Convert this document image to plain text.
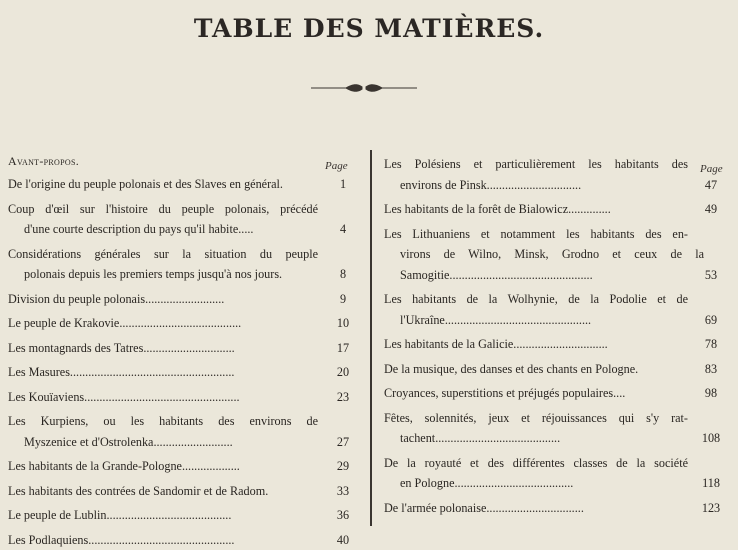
TABLE DES MATIÈRES.
Avant-propos.	Page
De l'origine du peuple polonais et des Slaves en général.	1
Coup d'œil sur l'histoire du peuple polonais, précédé
d'une courte description du pays qu'il habite.....	4
Considérations générales sur la situation du peuple
polonais depuis les premiers temps jusqu'à nos jours.	8
Division du peuple polonais..........................	9
Le peuple de Krakovie........................................	10
Les montagnards des Tatres..............................	17
Les Masures......................................................	20
Les Kouïaviens...................................................	23
Les Kurpiens, ou les habitants des environs de
Myszenice et d'Ostrolenka..........................	27
Les habitants de la Grande-Pologne...................	29
Les habitants des contrées de Sandomir et de Radom.	33
Le peuple de Lublin.........................................	36
Les Podlaquiens................................................	40
Page
Les Polésiens et particulièrement les habitants des
environs de Pinsk...............................	47
Les habitants de la forêt de Bialowicz..............	49
Les Lithuaniens et notamment les habitants des en-
virons de Wilno, Minsk, Grodno et ceux de la
Samogitie...............................................	53
Les habitants de la Wolhynie, de la Podolie et de
l'Ukraîne................................................	69
Les habitants de la Galicie...............................	78
De la musique, des danses et des chants en Pologne.	83
Croyances, superstitions et préjugés populaires....	98
Fêtes, solennités, jeux et réjouissances qui s'y rat-
tachent.........................................	108
De la royauté et des différentes classes de la société
en Pologne.......................................	118
De l'armée polonaise................................	123
